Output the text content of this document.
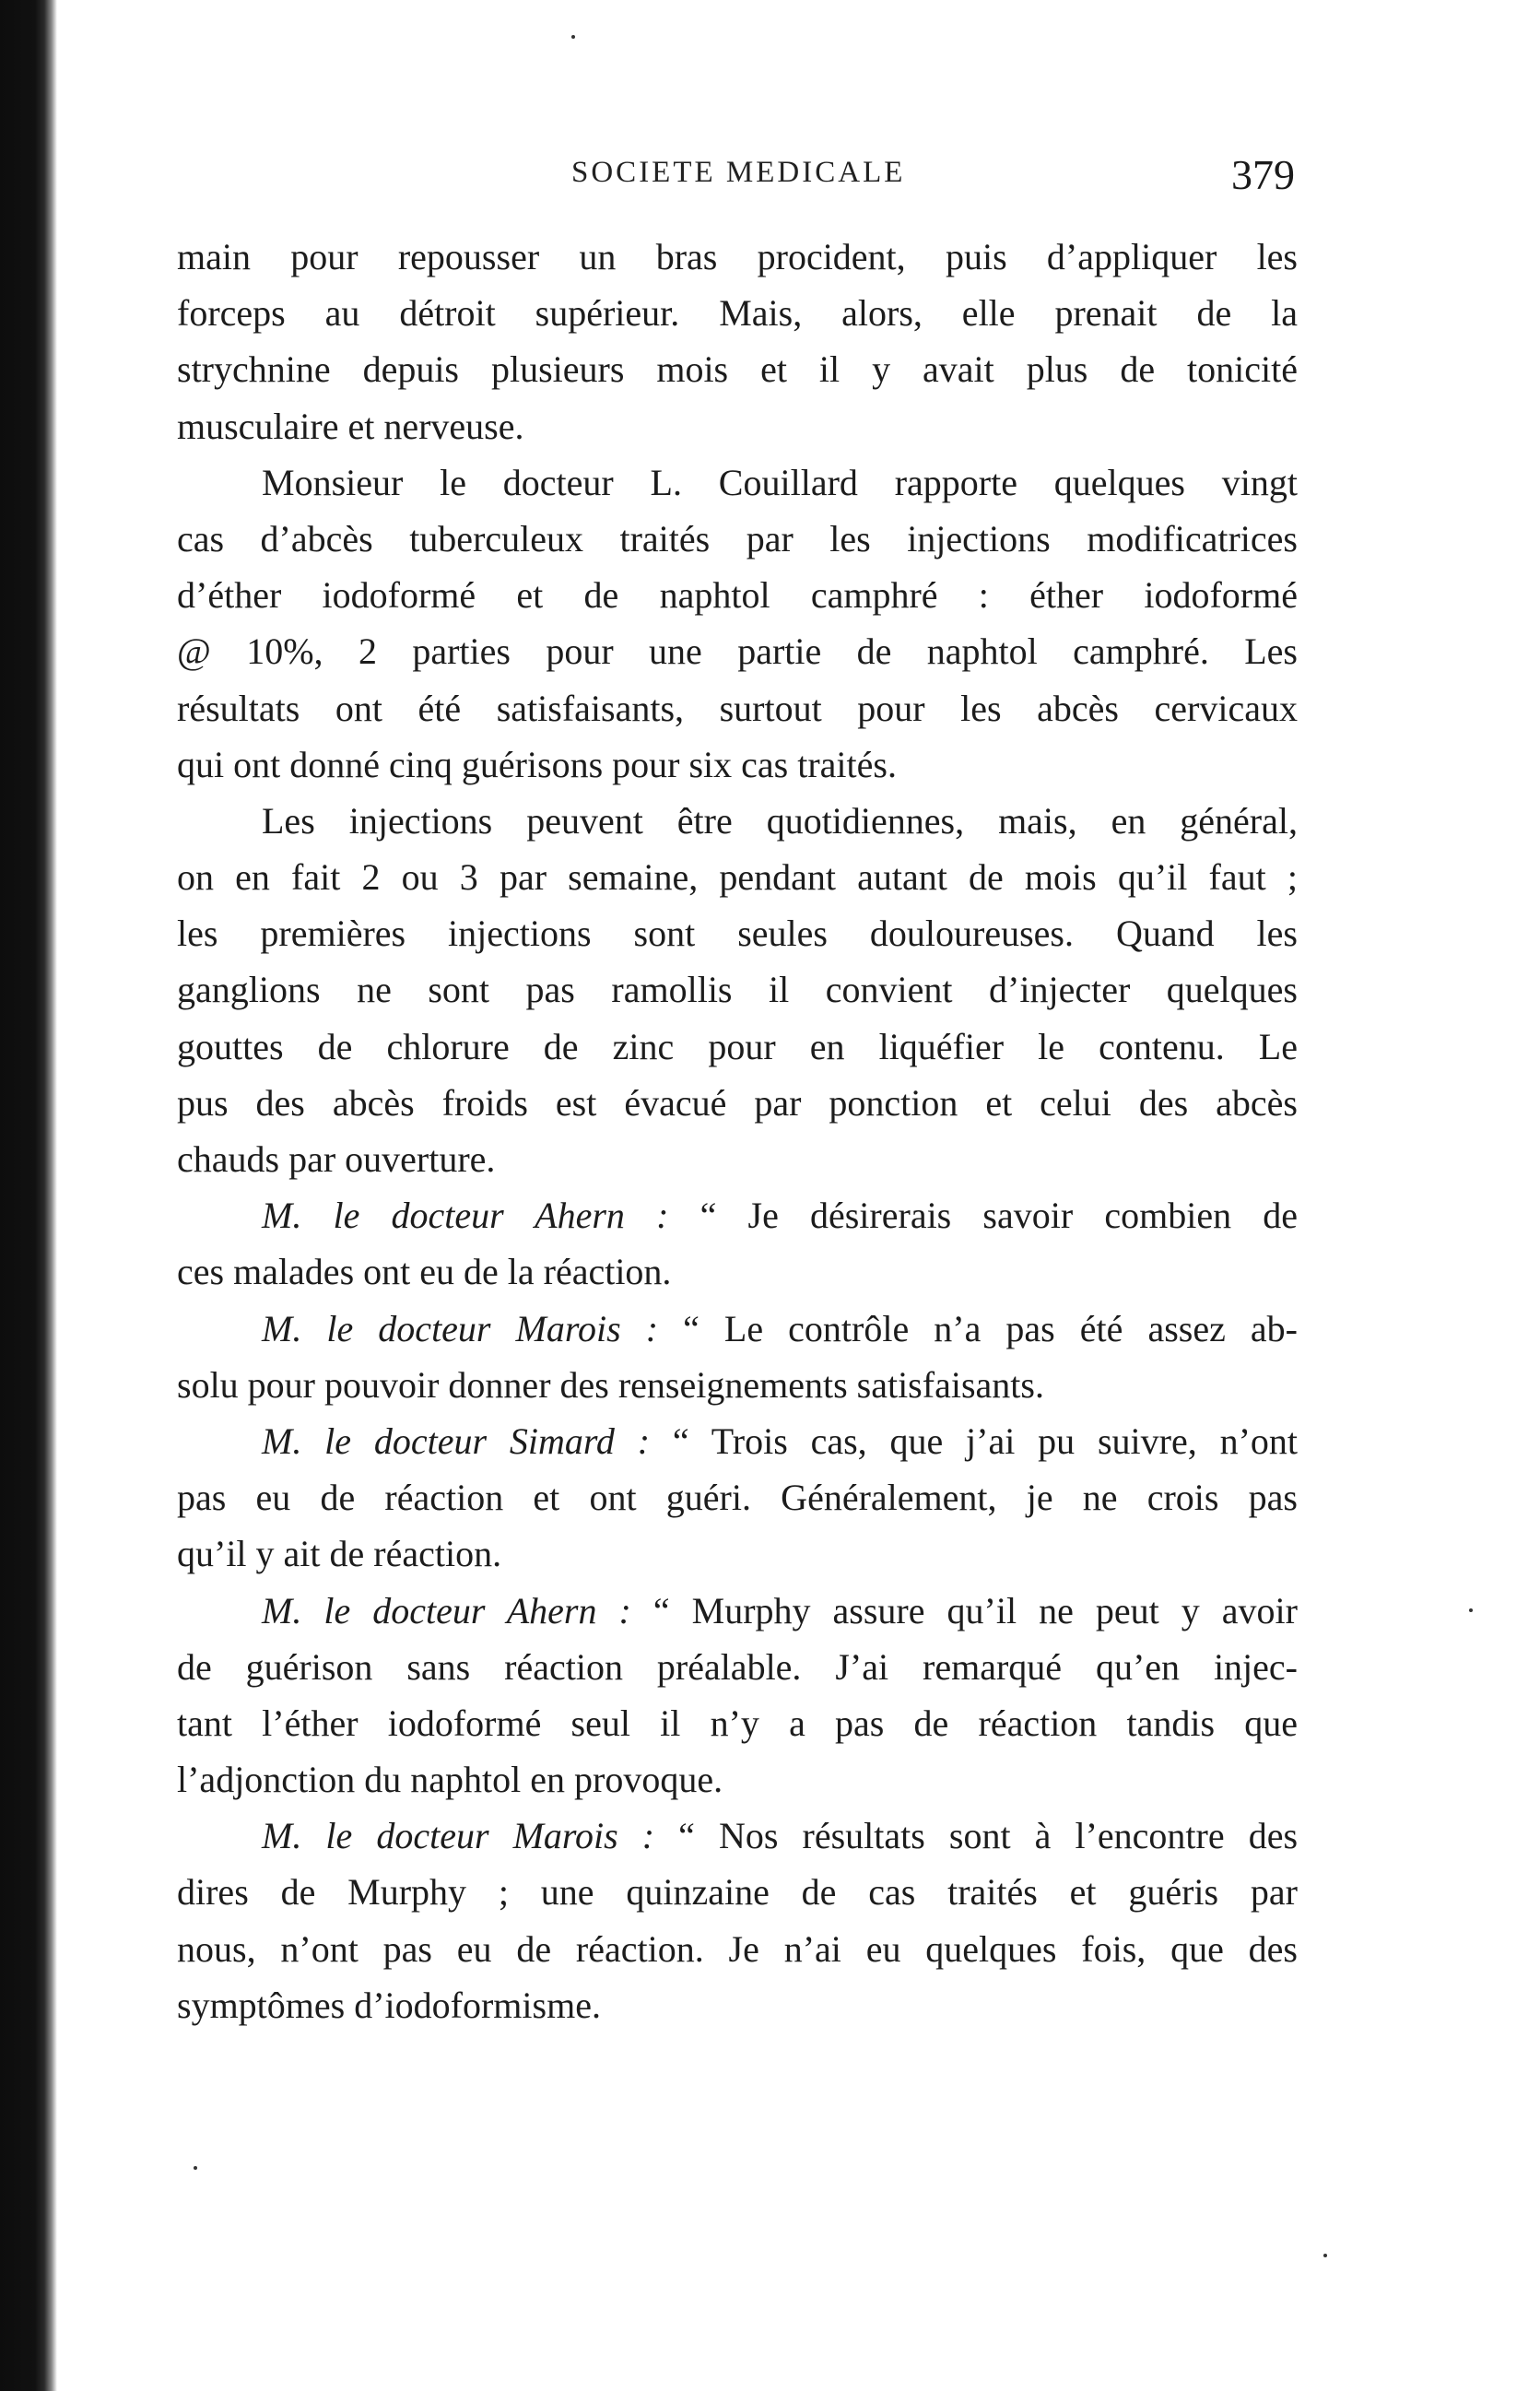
SOCIETE MEDICALE	379
main pour repousser un bras procident, puis d’appliquer les
forceps au détroit supérieur. Mais, alors, elle prenait de la
strychnine depuis plusieurs mois et il y avait plus de tonicité
musculaire et nerveuse.
Monsieur le docteur L. Couillard rapporte quelques vingt
cas d’abcès tuberculeux traités par les injections modificatrices
d’éther iodoformé et de naphtol camphré : éther iodoformé
@ 10%, 2 parties pour une partie de naphtol camphré. Les
résultats ont été satisfaisants, surtout pour les abcès cervicaux
qui ont donné cinq guérisons pour six cas traités.
Les injections peuvent être quotidiennes, mais, en général,
on en fait 2 ou 3 par semaine, pendant autant de mois qu’il faut ;
les premières injections sont seules douloureuses. Quand les
ganglions ne sont pas ramollis il convient d’injecter quelques
gouttes de chlorure de zinc pour en liquéfier le contenu. Le
pus des abcès froids est évacué par ponction et celui des abcès
chauds par ouverture.
M. le docteur Ahern : “ Je désirerais savoir combien de
ces malades ont eu de la réaction.
M. le docteur Marois : “ Le contrôle n’a pas été assez ab-
solu pour pouvoir donner des renseignements satisfaisants.
M. le docteur Simard : “ Trois cas, que j’ai pu suivre, n’ont
pas eu de réaction et ont guéri. Généralement, je ne crois pas
qu’il y ait de réaction.
M. le docteur Ahern : “ Murphy assure qu’il ne peut y avoir
de guérison sans réaction préalable. J’ai remarqué qu’en injec-
tant l’éther iodoformé seul il n’y a pas de réaction tandis que
l’adjonction du naphtol en provoque.
M. le docteur Marois : “ Nos résultats sont à l’encontre des
dires de Murphy ; une quinzaine de cas traités et guéris par
nous, n’ont pas eu de réaction. Je n’ai eu quelques fois, que des
symptômes d’iodoformisme.
